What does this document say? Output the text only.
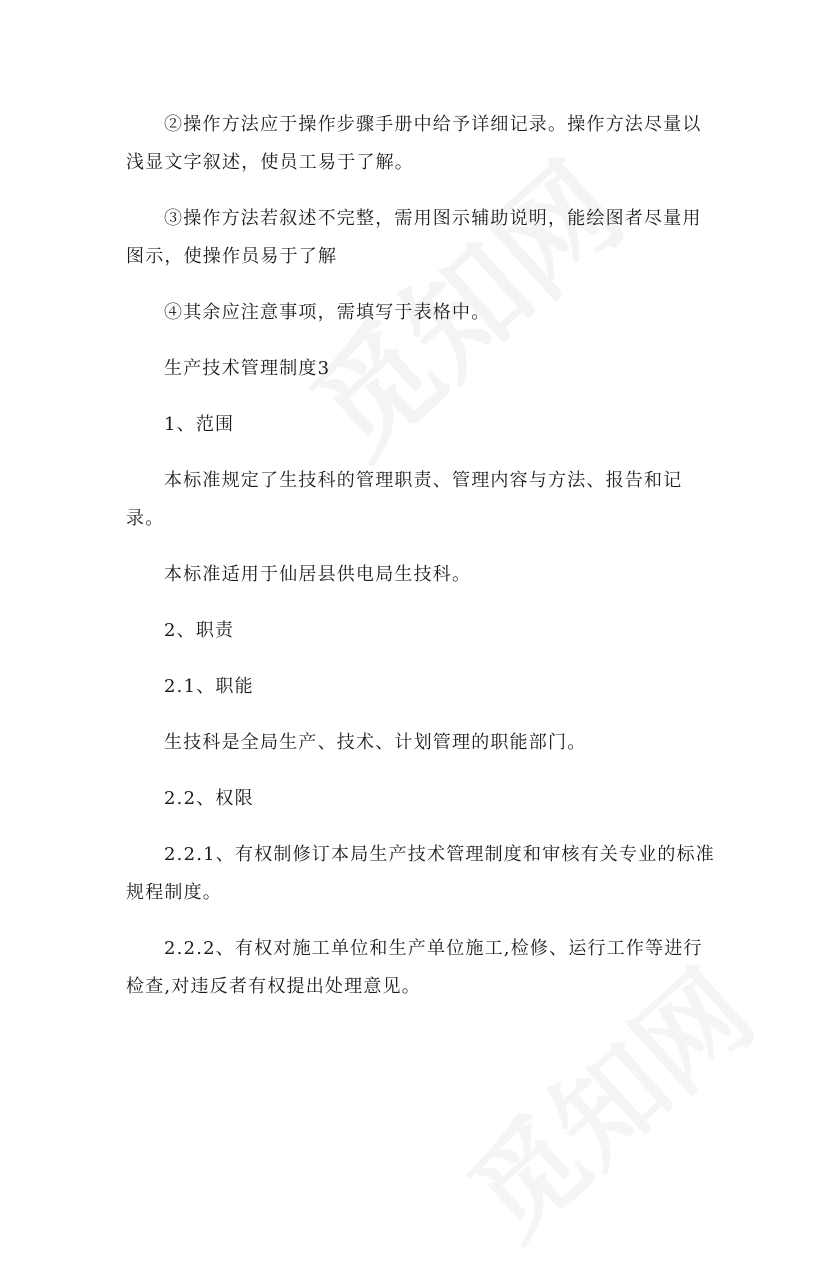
②操作方法应于操作步骤手册中给予详细记录。操作方法尽量以浅显文字叙述，使员工易于了解。

③操作方法若叙述不完整，需用图示辅助说明，能绘图者尽量用图示，使操作员易于了解

④其余应注意事项，需填写于表格中。

生产技术管理制度3

1、范围

本标准规定了生技科的管理职责、管理内容与方法、报告和记录。

本标准适用于仙居县供电局生技科。

2、职责

2.1、职能

生技科是全局生产、技术、计划管理的职能部门。

2.2、权限

2.2.1、有权制修订本局生产技术管理制度和审核有关专业的标准规程制度。

2.2.2、有权对施工单位和生产单位施工,检修、运行工作等进行检查,对违反者有权提出处理意见。
